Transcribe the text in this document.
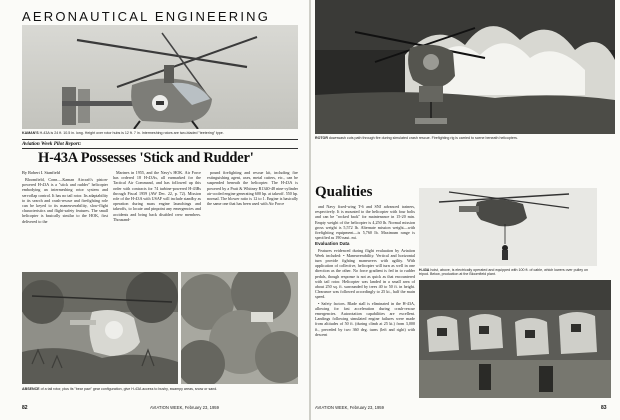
AERONAUTICAL ENGINEERING
KAMAN'S H-43A is 24 ft. 10.5 in. long. Height over rotor hubs is 12 ft. 7 in. Intermeshing rotors are two-bladed "teetering" type.
Aviation Week Pilot Report:
H-43A Possesses 'Stick and Rudder'
By Robert I. Stanfield

Bloomfield, Conn.—Kaman Aircraft's piston-powered H-43A is a "stick and rudder" helicopter embodying an intermeshing rotor system and servoflap control. It has no tail rotor. Its adaptability to its search and crash-rescue and firefighting role can be keyed to its maneuverability, slow-flight characteristics and flight-safety features. The small helicopter is basically similar to the HOK, first delivered to the

Marines in 1955, and the Navy's HOK. Air Force has ordered 18 H-43As, all earmarked for the Tactical Air Command, and has followed up this order with contracts for 74 turbine-powered H-43Bs through Fiscal 1959 (AW Dec. 22, p. 72). Mission role of the H-43A with USAF will include standby as operation during mass engine launchings and takeoffs, to locate and pinpoint any emergencies and accidents and bring back disabled crew members. Thousand-

pound firefighting and rescue kit, including fire extinguishing agent, axes, metal cutters, etc., can be suspended beneath the helicopter. The H-43A is powered by a Pratt & Whitney R1340-48 nine-cylinder air-cooled engine generating 600 hp. at takeoff. 550 hp. normal. The blower ratio is 12 to 1. Engine is basically the same one that has been used with Air Force

ABSENCE of a tail rotor, plus its "bear paw" gear configuration, give H-43A access to bushy, swampy areas, snow or sand.
82	AVIATION WEEK, February 23, 1959
ROTOR downwash cuts path through fire during simulated crash rescue. Firefighting rig is carried to scene beneath helicopters.
Qualities

and Navy fixed-wing T-6 and SNJ advanced trainers, respectively. It is mounted to the helicopter with four bolts and can be "rocked back" for maintenance in 15-20 min. Empty weight of the helicopter is 4,250 lb. Normal mission gross weight is 5,572 lb. Alternate mission weight—with firefighting equipment—is 5,760 lb. Maximum range is specified as 190 naut. mi.

Evaluation Data

Features evidenced during flight evaluation by Aviation Week included: • Maneuverability. Vertical and horizontal turn provide fighting maneuvers with agility. With application of collective, helicopter will turn as well in one direction as the other. No force gradient is fed in to rudder pedals, though response is not as quick as that encountered with tail rotor. Helicopter was landed in a small area of about 250 sq. ft. surrounded by trees 40 to 50 ft. in height. Clearance was followed accordingly to 25 kt., half the main speed.

• Safety factors. Blade stall is eliminated in the H-43A, allowing for fast acceleration during crash-rescue emergencies. Autorotation capabilities are excellent. Landings following simulated engine failures were made from altitudes of 50 ft. (during climb at 25 kt.) from 3,000 ft., preceded by two 360 deg. turns (left and right) with descent

H-43A hoist, above, is electrically operated and equipped with 100 ft. of cable, which lowers over pulley on tripod. Below, production at the Bloomfield plant.
AVIATION WEEK, February 23, 1959	83
